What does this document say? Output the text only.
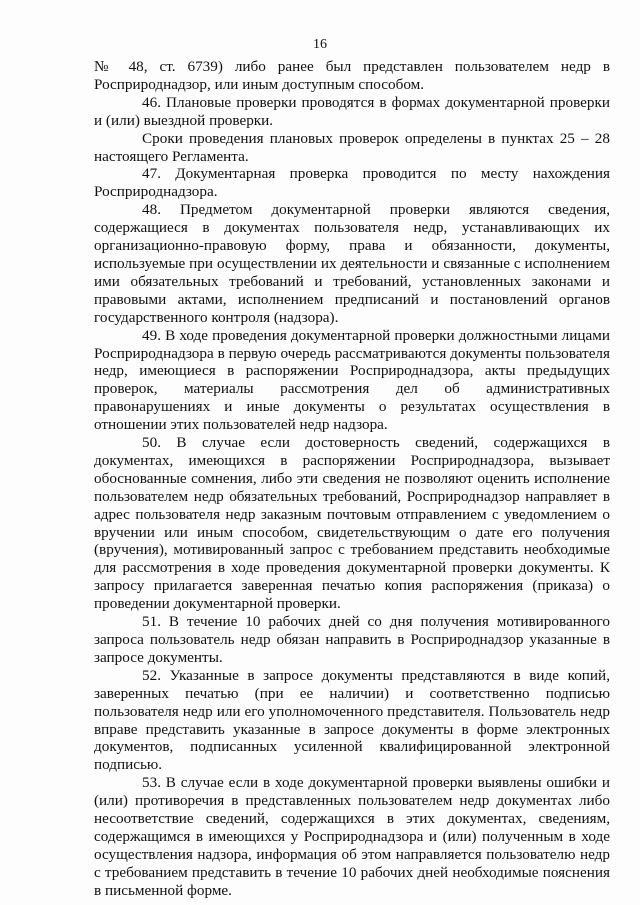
16

№ 48, ст. 6739) либо ранее был представлен пользователем недр в Росприроднадзор, или иным доступным способом.

46. Плановые проверки проводятся в формах документарной проверки и (или) выездной проверки.

Сроки проведения плановых проверок определены в пунктах 25 – 28 настоящего Регламента.

47. Документарная проверка проводится по месту нахождения Росприроднадзора.

48. Предметом документарной проверки являются сведения, содержащиеся в документах пользователя недр, устанавливающих их организационно-правовую форму, права и обязанности, документы, используемые при осуществлении их деятельности и связанные с исполнением ими обязательных требований и требований, установленных законами и правовыми актами, исполнением предписаний и постановлений органов государственного контроля (надзора).

49. В ходе проведения документарной проверки должностными лицами Росприроднадзора в первую очередь рассматриваются документы пользователя недр, имеющиеся в распоряжении Росприроднадзора, акты предыдущих проверок, материалы рассмотрения дел об административных правонарушениях и иные документы о результатах осуществления в отношении этих пользователей недр надзора.

50. В случае если достоверность сведений, содержащихся в документах, имеющихся в распоряжении Росприроднадзора, вызывает обоснованные сомнения, либо эти сведения не позволяют оценить исполнение пользователем недр обязательных требований, Росприроднадзор направляет в адрес пользователя недр заказным почтовым отправлением с уведомлением о вручении или иным способом, свидетельствующим о дате его получения (вручения), мотивированный запрос с требованием представить необходимые для рассмотрения в ходе проведения документарной проверки документы. К запросу прилагается заверенная печатью копия распоряжения (приказа) о проведении документарной проверки.

51. В течение 10 рабочих дней со дня получения мотивированного запроса пользователь недр обязан направить в Росприроднадзор указанные в запросе документы.

52. Указанные в запросе документы представляются в виде копий, заверенных печатью (при ее наличии) и соответственно подписью пользователя недр или его уполномоченного представителя. Пользователь недр вправе представить указанные в запросе документы в форме электронных документов, подписанных усиленной квалифицированной электронной подписью.

53. В случае если в ходе документарной проверки выявлены ошибки и (или) противоречия в представленных пользователем недр документах либо несоответствие сведений, содержащихся в этих документах, сведениям, содержащимся в имеющихся у Росприроднадзора и (или) полученным в ходе осуществления надзора, информация об этом направляется пользователю недр с требованием представить в течение 10 рабочих дней необходимые пояснения в письменной форме.
